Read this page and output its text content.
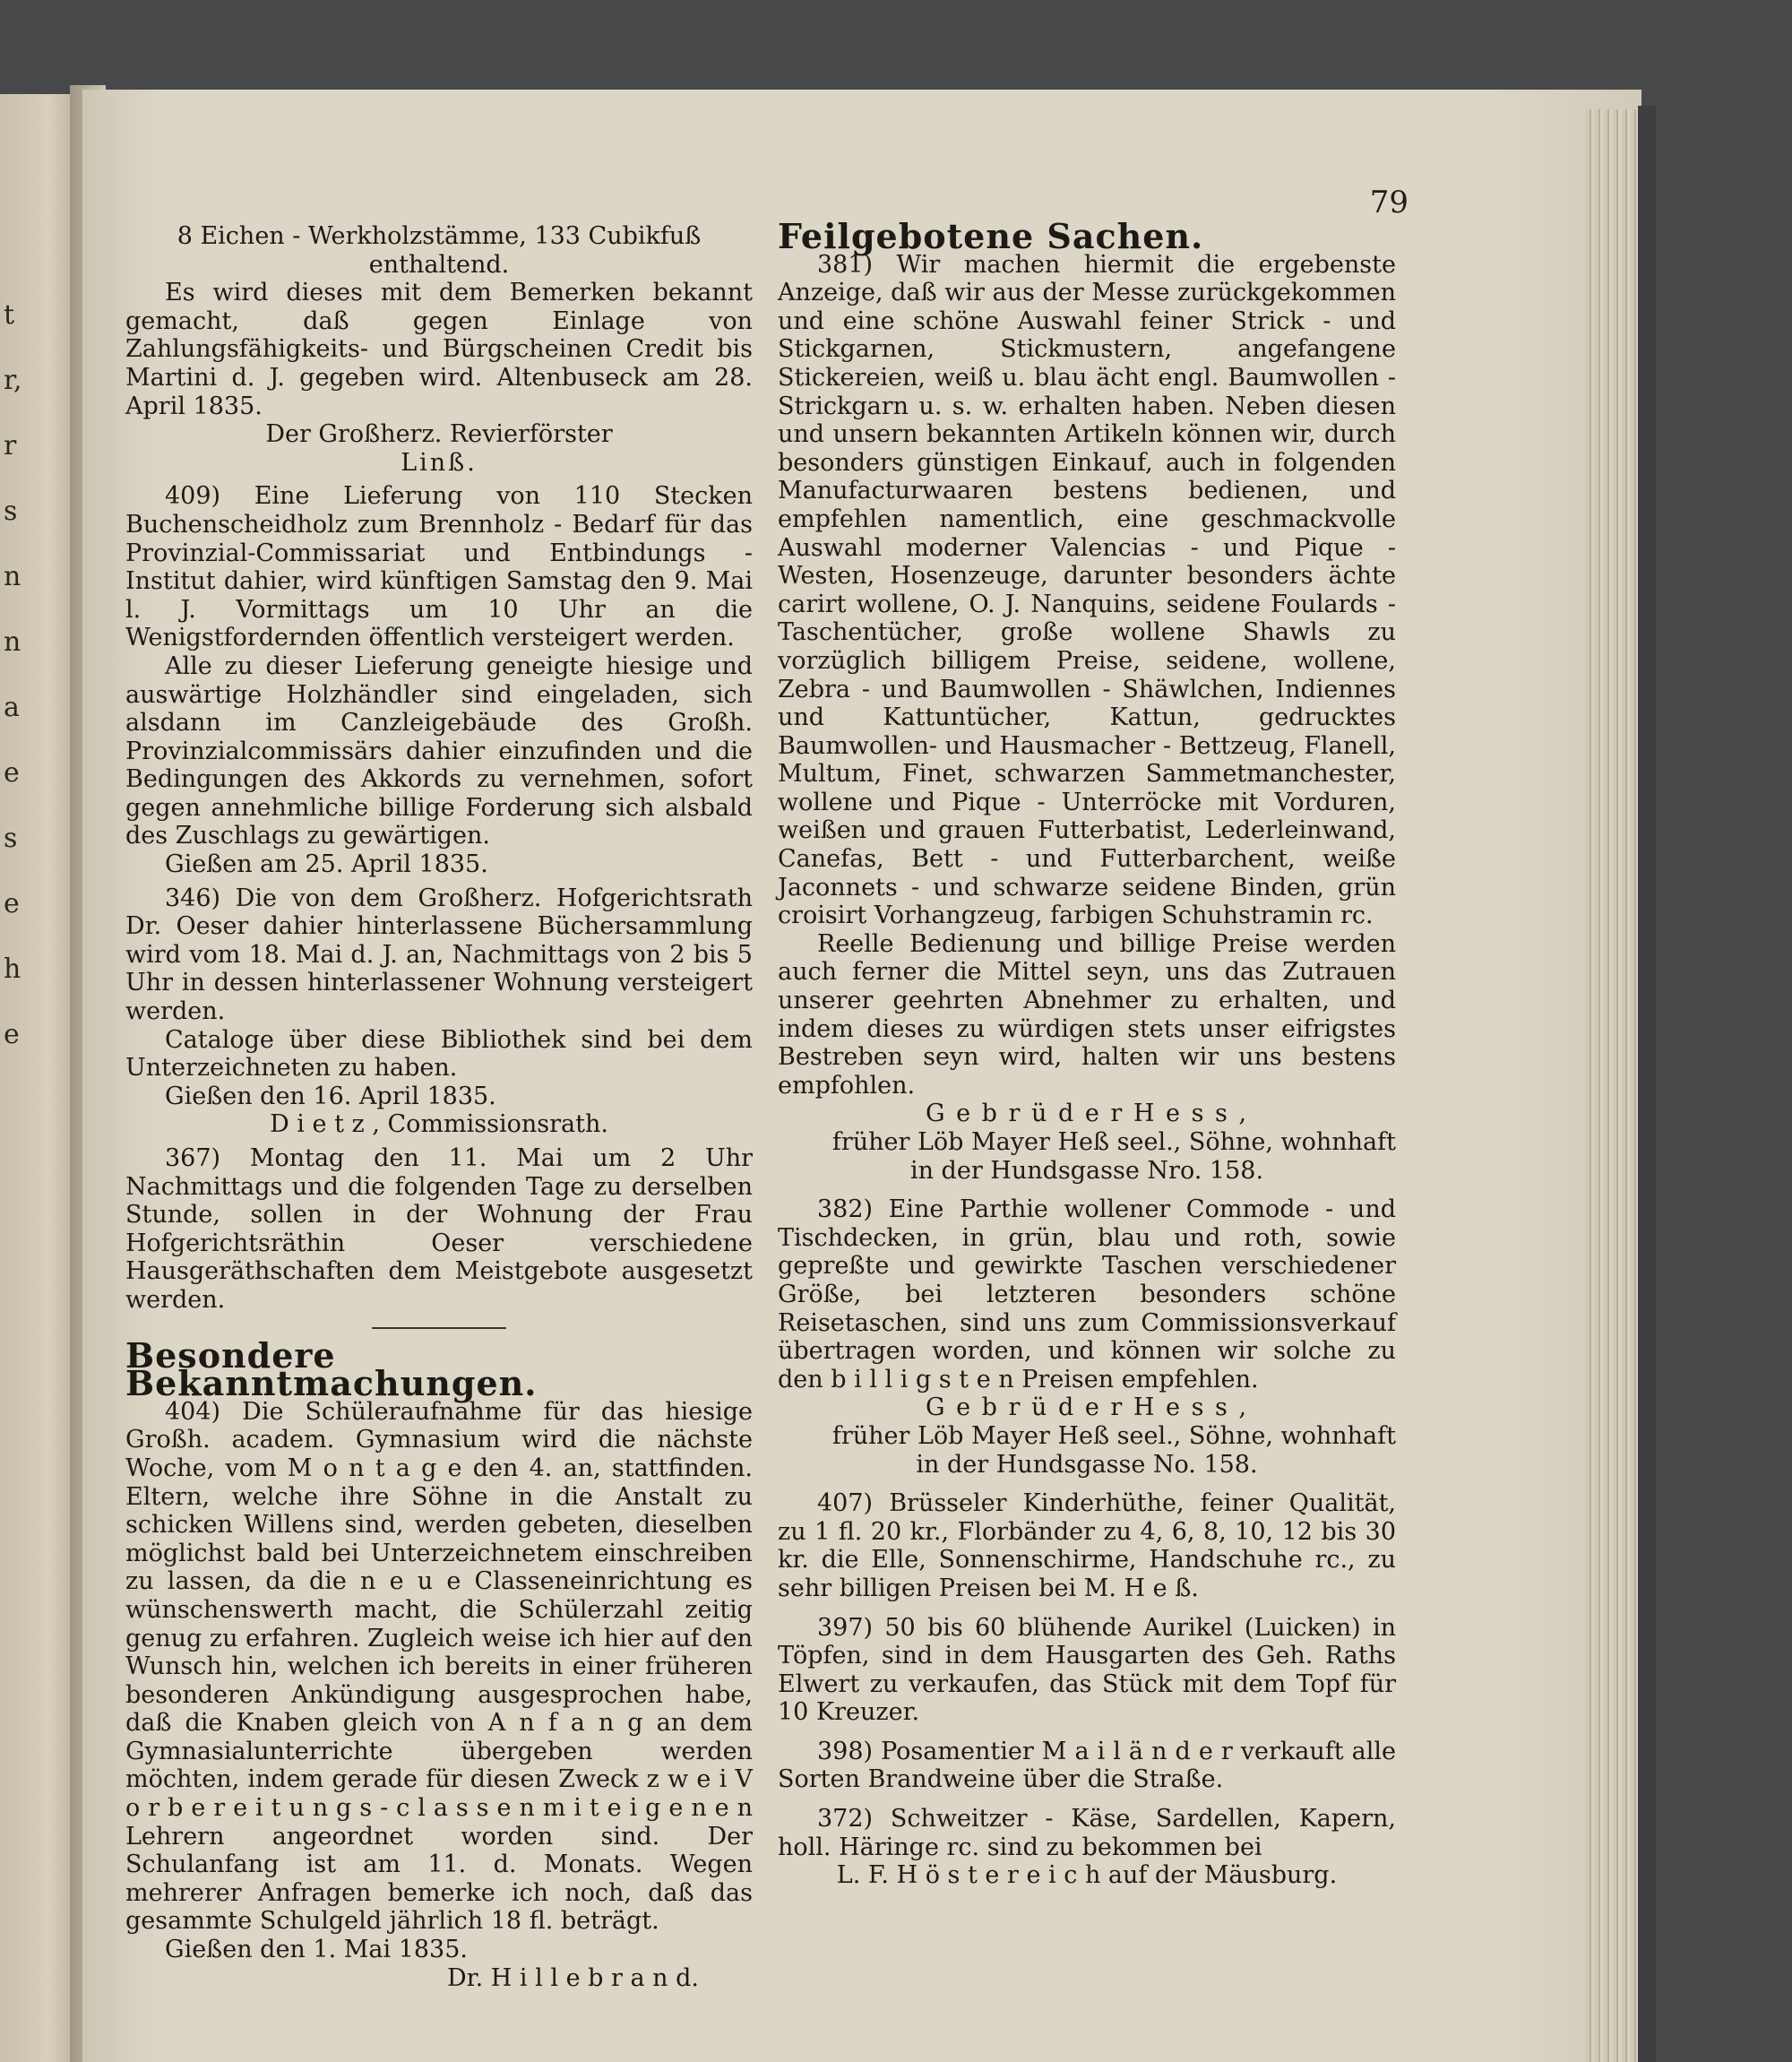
t
r,
r
s
n
n
a
e
s
e
h
e
79

8 Eichen - Werkholzstämme, 133 Cubikfuß

enthaltend.

Es wird dieses mit dem Bemerken bekannt gemacht, daß gegen Einlage von Zahlungsfähigkeits- und Bürgscheinen Credit bis Martini d. J. gegeben wird. Altenbuseck am 28. April 1835.

Der Großherz. Revierförster

Linß.

409) Eine Lieferung von 110 Stecken Buchenscheidholz zum Brennholz - Bedarf für das Provinzial-Commissariat und Entbindungs - Institut dahier, wird künftigen Samstag den 9. Mai l. J. Vormittags um 10 Uhr an die Wenigstfordernden öffentlich versteigert werden.

Alle zu dieser Lieferung geneigte hiesige und auswärtige Holzhändler sind eingeladen, sich alsdann im Canzleigebäude des Großh. Provinzialcommissärs dahier einzufinden und die Bedingungen des Akkords zu vernehmen, sofort gegen annehmliche billige Forderung sich alsbald des Zuschlags zu gewärtigen.

Gießen am 25. April 1835.

346) Die von dem Großherz. Hofgerichtsrath Dr. Oeser dahier hinterlassene Büchersammlung wird vom 18. Mai d. J. an, Nachmittags von 2 bis 5 Uhr in dessen hinterlassener Wohnung versteigert werden.

Cataloge über diese Bibliothek sind bei dem Unterzeichneten zu haben.

Gießen den 16. April 1835.

D i e t z , Commissionsrath.

367) Montag den 11. Mai um 2 Uhr Nachmittags und die folgenden Tage zu derselben Stunde, sollen in der Wohnung der Frau Hofgerichtsräthin Oeser verschiedene Hausgeräthschaften dem Meistgebote ausgesetzt werden.

Besondere Bekanntmachungen.

404) Die Schüleraufnahme für das hiesige Großh. academ. Gymnasium wird die nächste Woche, vom M o n t a g e den 4. an, stattfinden. Eltern, welche ihre Söhne in die Anstalt zu schicken Willens sind, werden gebeten, dieselben möglichst bald bei Unterzeichnetem einschreiben zu lassen, da die n e u e Classeneinrichtung es wünschenswerth macht, die Schülerzahl zeitig genug zu erfahren. Zugleich weise ich hier auf den Wunsch hin, welchen ich bereits in einer früheren besonderen Ankündigung ausgesprochen habe, daß die Knaben gleich von A n f a n g an dem Gymnasialunterrichte übergeben werden möchten, indem gerade für diesen Zweck z w e i V o r b e r e i t u n g s - c l a s s e n m i t e i g e n e n Lehrern angeordnet worden sind. Der Schulanfang ist am 11. d. Monats. Wegen mehrerer Anfragen bemerke ich noch, daß das gesammte Schulgeld jährlich 18 fl. beträgt.

Gießen den 1. Mai 1835.

Dr. H i l l e b r a n d.

Feilgebotene Sachen.

381) Wir machen hiermit die ergebenste Anzeige, daß wir aus der Messe zurückgekommen und eine schöne Auswahl feiner Strick - und Stickgarnen, Stickmustern, angefangene Stickereien, weiß u. blau ächt engl. Baumwollen - Strickgarn u. s. w. erhalten haben. Neben diesen und unsern bekannten Artikeln können wir, durch besonders günstigen Einkauf, auch in folgenden Manufacturwaaren bestens bedienen, und empfehlen namentlich, eine geschmackvolle Auswahl moderner Valencias - und Pique - Westen, Hosenzeuge, darunter besonders ächte carirt wollene, O. J. Nanquins, seidene Foulards - Taschentücher, große wollene Shawls zu vorzüglich billigem Preise, seidene, wollene, Zebra - und Baumwollen - Shäwlchen, Indiennes und Kattuntücher, Kattun, gedrucktes Baumwollen- und Hausmacher - Bettzeug, Flanell, Multum, Finet, schwarzen Sammetmanchester, wollene und Pique - Unterröcke mit Vorduren, weißen und grauen Futterbatist, Lederleinwand, Canefas, Bett - und Futterbarchent, weiße Jaconnets - und schwarze seidene Binden, grün croisirt Vorhangzeug, farbigen Schuhstramin rc.

Reelle Bedienung und billige Preise werden auch ferner die Mittel seyn, uns das Zutrauen unserer geehrten Abnehmer zu erhalten, und indem dieses zu würdigen stets unser eifrigstes Bestreben seyn wird, halten wir uns bestens empfohlen.

G e b r ü d e r H e s s ,

früher Löb Mayer Heß seel., Söhne, wohnhaft

in der Hundsgasse Nro. 158.

382) Eine Parthie wollener Commode - und Tischdecken, in grün, blau und roth, sowie gepreßte und gewirkte Taschen verschiedener Größe, bei letzteren besonders schöne Reisetaschen, sind uns zum Commissionsverkauf übertragen worden, und können wir solche zu den b i l l i g s t e n Preisen empfehlen.

G e b r ü d e r H e s s ,

früher Löb Mayer Heß seel., Söhne, wohnhaft

in der Hundsgasse No. 158.

407) Brüsseler Kinderhüthe, feiner Qualität, zu 1 fl. 20 kr., Florbänder zu 4, 6, 8, 10, 12 bis 30 kr. die Elle, Sonnenschirme, Handschuhe rc., zu sehr billigen Preisen bei M. H e ß.

397) 50 bis 60 blühende Aurikel (Luicken) in Töpfen, sind in dem Hausgarten des Geh. Raths Elwert zu verkaufen, das Stück mit dem Topf für 10 Kreuzer.

398) Posamentier M a i l ä n d e r verkauft alle Sorten Brandweine über die Straße.

372) Schweitzer - Käse, Sardellen, Kapern, holl. Häringe rc. sind zu bekommen bei

L. F. H ö s t e r e i c h auf der Mäusburg.
